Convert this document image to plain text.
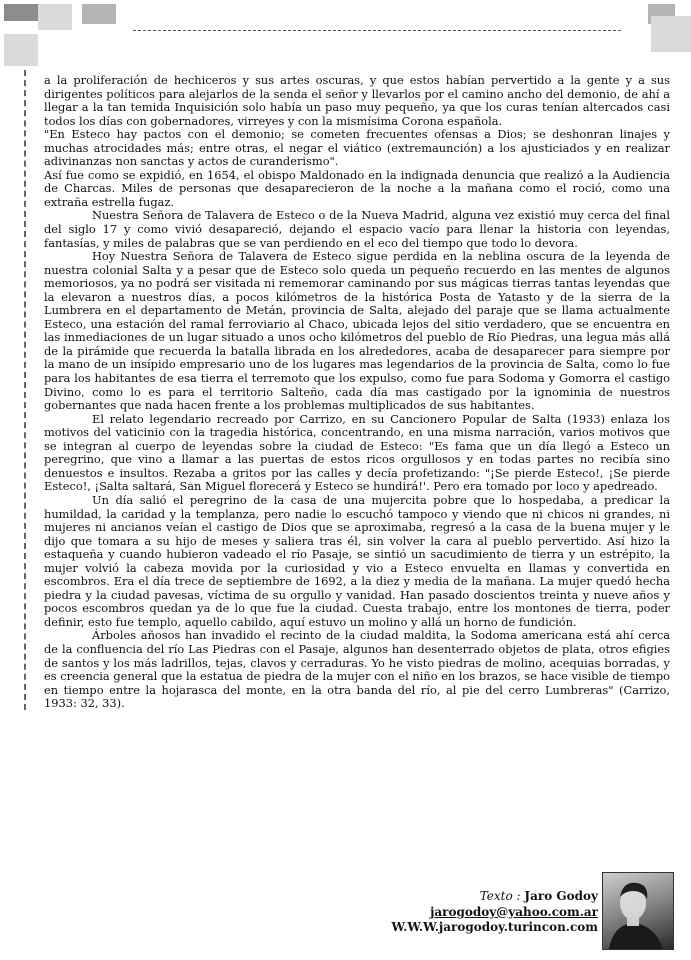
a la proliferación de hechiceros y sus artes oscuras, y que estos habían pervertido a la gente y a sus dirigentes políticos para alejarlos de la senda el señor y llevarlos por el camino ancho del demonio, de ahí a llegar a la tan temida Inquisición solo había un paso muy pequeño, ya que los curas tenían altercados casi todos los días con gobernadores, virreyes y con la mismísima Corona española.

"En Esteco hay pactos con el demonio; se cometen frecuentes ofensas a Dios; se deshonran linajes y muchas atrocidades más; entre otras, el negar el viático (extremaunción) a los ajusticiados y en realizar adivinanzas non sanctas y actos de curanderismo".

Así fue como se expidió, en 1654, el obispo Maldonado en la indignada denuncia que realizó a la Audiencia de Charcas. Miles de personas que desaparecieron de la noche a la mañana como el roció, como una extraña estrella fugaz.

Nuestra Señora de Talavera de Esteco o de la Nueva Madrid, alguna vez existió muy cerca del final del siglo 17 y como vivió desapareció, dejando el espacio vacío para llenar la historia con leyendas, fantasías, y miles de palabras que se van perdiendo en el eco del tiempo que todo lo devora.

Hoy Nuestra Señora de Talavera de Esteco sigue perdida en la neblina oscura de la leyenda de nuestra colonial Salta y a pesar que de Esteco solo queda un pequeño recuerdo en las mentes de algunos memoriosos, ya no podrá ser visitada ni rememorar caminando por sus mágicas tierras tantas leyendas que la elevaron a nuestros días, a pocos kilómetros de la histórica Posta de Yatasto y de la sierra de la Lumbrera en el departamento de Metán, provincia de Salta, alejado del paraje que se llama actualmente Esteco, una estación del ramal ferroviario al Chaco, ubicada lejos del sitio verdadero, que se encuentra en las inmediaciones de un lugar situado a unos ocho kilómetros del pueblo de Río Piedras, una legua más allá de la pirámide que recuerda la batalla librada en los alrededores, acaba de desaparecer para siempre por la mano de un insípido empresario uno de los lugares mas legendarios de la provincia de Salta, como lo fue para los habitantes de esa tierra el terremoto que los expulso, como fue para Sodoma y Gomorra el castigo Divino, como lo es para el territorio Salteño, cada día mas castigado por la ignominia de nuestros gobernantes que nada hacen frente a los problemas multiplicados de sus habitantes.

El relato legendario recreado por Carrizo, en su Cancionero Popular de Salta (1933) enlaza los motivos del vaticinio con la tragedia histórica, concentrando, en una misma narración, varios motivos que se integran al cuerpo de leyendas sobre la ciudad de Esteco: "Es fama que un día llegó a Esteco un peregrino, que vino a llamar a las puertas de estos ricos orgullosos y en todas partes no recibía sino denuestos e insultos. Rezaba a gritos por las calles y decía profetizando: "¡Se pierde Esteco!, ¡Se pierde Esteco!, ¡Salta saltará, San Miguel florecerá y Esteco se hundirá!'. Pero era tomado por loco y apedreado.

Un día salió el peregrino de la casa de una mujercita pobre que lo hospedaba, a predicar la humildad, la caridad y la templanza, pero nadie lo escuchó tampoco y viendo que ni chicos ni grandes, ni mujeres ni ancianos veían el castigo de Dios que se aproximaba, regresó a la casa de la buena mujer y le dijo que tomara a su hijo de meses y saliera tras él, sin volver la cara al pueblo pervertido. Así hizo la estaqueña y cuando hubieron vadeado el río Pasaje, se sintió un sacudimiento de tierra y un estrépito, la mujer volvió la cabeza movida por la curiosidad y vio a Esteco envuelta en llamas y convertida en escombros. Era el día trece de septiembre de 1692, a la diez y media de la mañana. La mujer quedó hecha piedra y la ciudad pavesas, víctima de su orgullo y vanidad. Han pasado doscientos treinta y nueve años y pocos escombros quedan ya de lo que fue la ciudad. Cuesta trabajo, entre los montones de tierra, poder definir, esto fue templo, aquello cabildo, aquí estuvo un molino y allá un horno de fundición.

Árboles añosos han invadido el recinto de la ciudad maldita, la Sodoma americana está ahí cerca de la confluencia del río Las Piedras con el Pasaje, algunos han desenterrado objetos de plata, otros efigies de santos y los más ladrillos, tejas, clavos y cerraduras. Yo he visto piedras de molino, acequias borradas, y es creencia general que la estatua de piedra de la mujer con el niño en los brazos, se hace visible de tiempo en tiempo entre la hojarasca del monte, en la otra banda del río, al pie del cerro Lumbreras" (Carrizo, 1933: 32, 33).

Texto : Jaro Godoy
jarogodoy@yahoo.com.ar
W.W.W.jarogodoy.turincon.com
